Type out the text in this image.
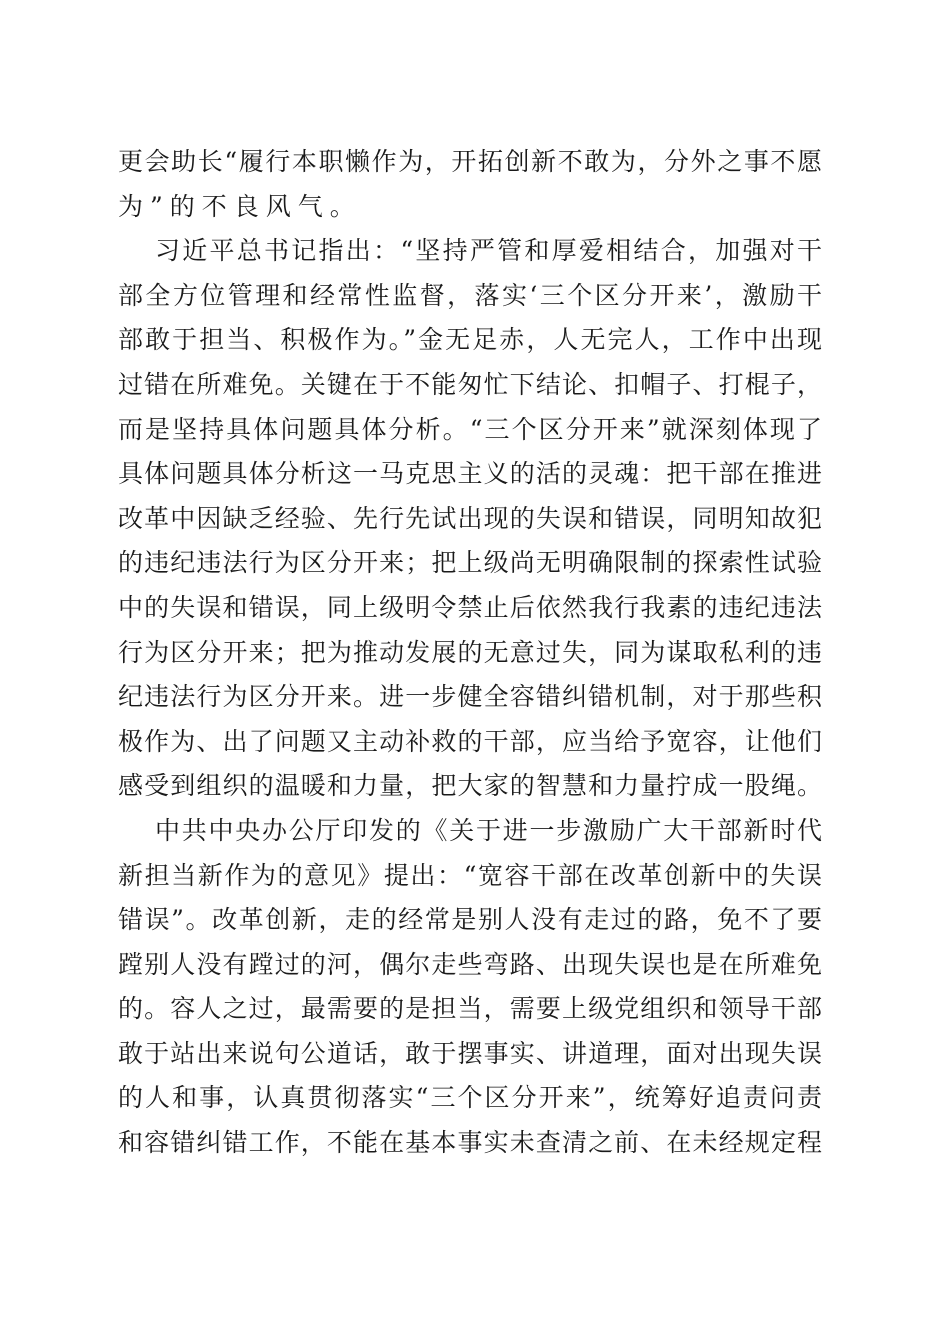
更会助长“履行本职懒作为，开拓创新不敢为，分外之事不愿
为”的不良风气。
习近平总书记指出：“坚持严管和厚爱相结合，加强对干
部全方位管理和经常性监督，落实‘三个区分开来’，激励干
部敢于担当、积极作为。”金无足赤，人无完人，工作中出现
过错在所难免。关键在于不能匆忙下结论、扣帽子、打棍子，
而是坚持具体问题具体分析。“三个区分开来”就深刻体现了
具体问题具体分析这一马克思主义的活的灵魂：把干部在推进
改革中因缺乏经验、先行先试出现的失误和错误，同明知故犯
的违纪违法行为区分开来；把上级尚无明确限制的探索性试验
中的失误和错误，同上级明令禁止后依然我行我素的违纪违法
行为区分开来；把为推动发展的无意过失，同为谋取私利的违
纪违法行为区分开来。进一步健全容错纠错机制，对于那些积
极作为、出了问题又主动补救的干部，应当给予宽容，让他们
感受到组织的温暖和力量，把大家的智慧和力量拧成一股绳。
中共中央办公厅印发的《关于进一步激励广大干部新时代
新担当新作为的意见》提出：“宽容干部在改革创新中的失误
错误”。改革创新，走的经常是别人没有走过的路，免不了要
蹚别人没有蹚过的河，偶尔走些弯路、出现失误也是在所难免
的。容人之过，最需要的是担当，需要上级党组织和领导干部
敢于站出来说句公道话，敢于摆事实、讲道理，面对出现失误
的人和事，认真贯彻落实“三个区分开来”，统筹好追责问责
和容错纠错工作，不能在基本事实未查清之前、在未经规定程
